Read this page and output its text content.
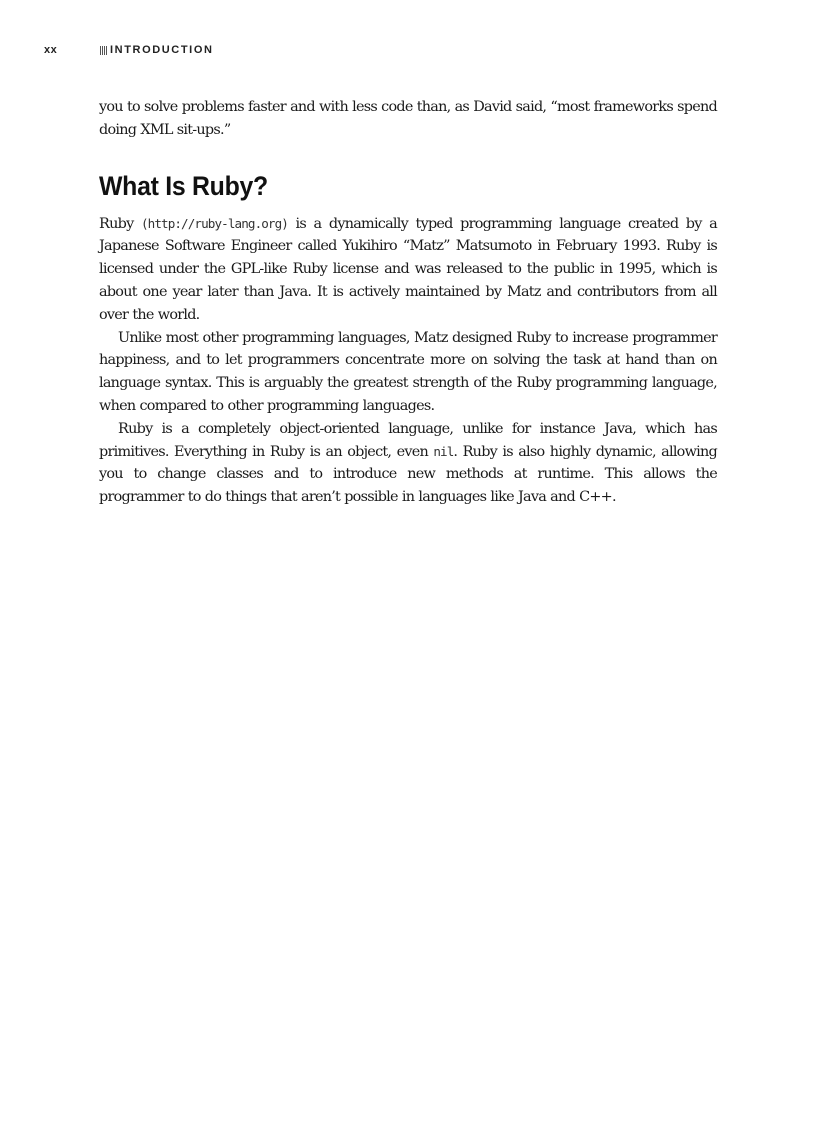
xx	INTRODUCTION

you to solve problems faster and with less code than, as David said, “most frameworks spend doing XML sit-ups.”

What Is Ruby?

Ruby (http://ruby-lang.org) is a dynamically typed programming language created by a Japanese Software Engineer called Yukihiro “Matz” Matsumoto in February 1993. Ruby is licensed under the GPL-like Ruby license and was released to the public in 1995, which is about one year later than Java. It is actively maintained by Matz and contributors from all over the world.

Unlike most other programming languages, Matz designed Ruby to increase programmer happiness, and to let programmers concentrate more on solving the task at hand than on language syntax. This is arguably the greatest strength of the Ruby programming language, when compared to other programming languages.

Ruby is a completely object-oriented language, unlike for instance Java, which has primitives. Everything in Ruby is an object, even nil. Ruby is also highly dynamic, allowing you to change classes and to introduce new methods at runtime. This allows the programmer to do things that aren’t possible in languages like Java and C++.
